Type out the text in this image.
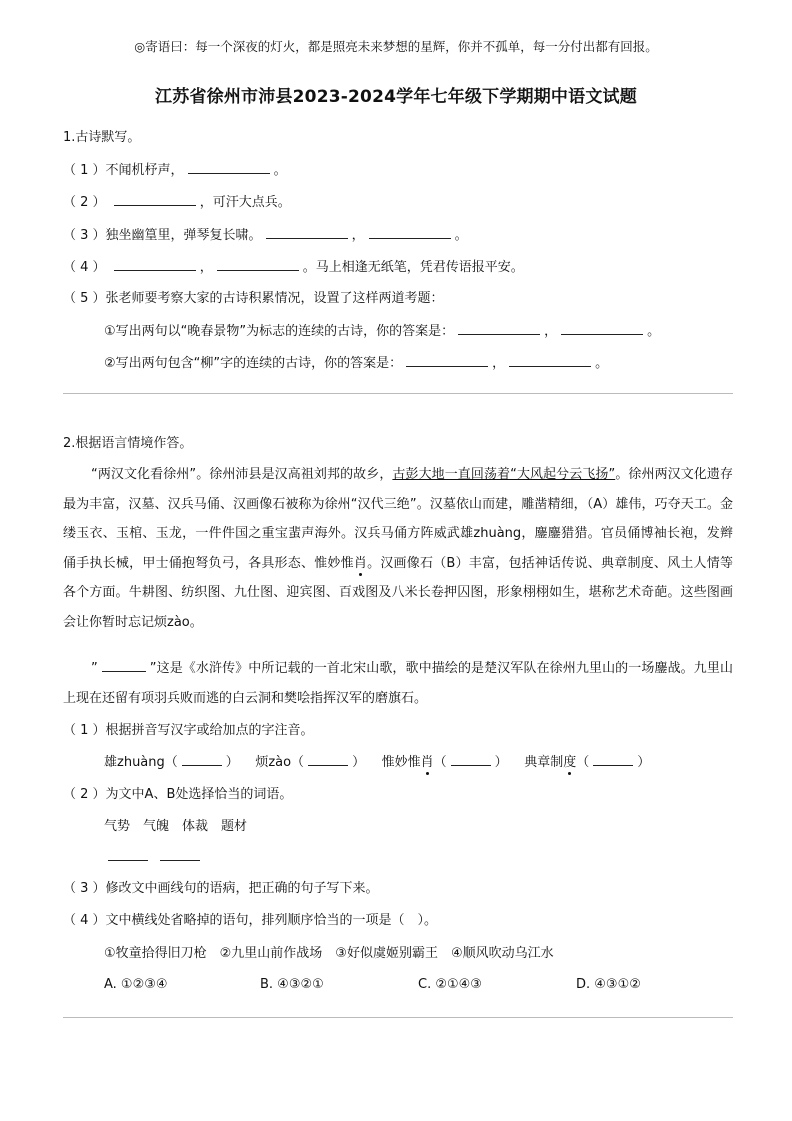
◎寄语曰：每一个深夜的灯火，都是照亮未来梦想的星辉，你并不孤单，每一分付出都有回报。
江苏省徐州市沛县2023-2024学年七年级下学期期中语文试题
1.古诗默写。
（ 1 ）不闻机杼声，	。
（ 2 ）	，可汗大点兵。
（ 3 ）独坐幽篁里，弹琴复长啸。	，	。
（ 4 ）	，	。马上相逢无纸笔，凭君传语报平安。
（ 5 ）张老师要考察大家的古诗积累情况，设置了这样两道考题：
①写出两句以“晚春景物”为标志的连续的古诗，你的答案是：	，	。
②写出两句包含“柳”字的连续的古诗，你的答案是：	，	。
2.根据语言情境作答。
“两汉文化看徐州”。徐州沛县是汉高祖刘邦的故乡，古彭大地一直回荡着“大风起兮云飞扬”。徐州两汉文化遗存最为丰富，汉墓、汉兵马俑、汉画像石被称为徐州“汉代三绝”。汉墓依山而建，雕凿精细，（A）雄伟，巧夺天工。金缕玉衣、玉棺、玉龙，一件件国之重宝蜚声海外。汉兵马俑方阵威武雄zhuàng，鏖鏖猎猎。官员俑博袖长袍，发辫俑手执长械，甲士俑抱弩负弓，各具形态、惟妙惟肖。汉画像石（B）丰富，包括神话传说、典章制度、风土人情等各个方面。牛耕图、纺织图、九仕图、迎宾图、百戏图及八米长卷押囚图，形象栩栩如生，堪称艺术奇葩。这些图画会让你暂时忘记烦zào。
”	”这是《水浒传》中所记载的一首北宋山歌，歌中描绘的是楚汉军队在徐州九里山的一场鏖战。九里山上现在还留有项羽兵败而逃的白云洞和樊哙指挥汉军的磨旗石。
（ 1 ）根据拼音写汉字或给加点的字注音。
雄zhuàng（	） 烦zào（	） 惟妙惟肖（	） 典章制度（	）
（ 2 ）为文中A、B处选择恰当的词语。
气势　气魄　体裁　题材

（ 3 ）修改文中画线句的语病，把正确的句子写下来。
（ 4 ）文中横线处省略掉的语句，排列顺序恰当的一项是（　）。
①牧童拾得旧刀枪　②九里山前作战场　③好似虞姬别霸王　④顺风吹动乌江水
A. ①②③④	B. ④③②①	C. ②①④③	D. ④③①②
